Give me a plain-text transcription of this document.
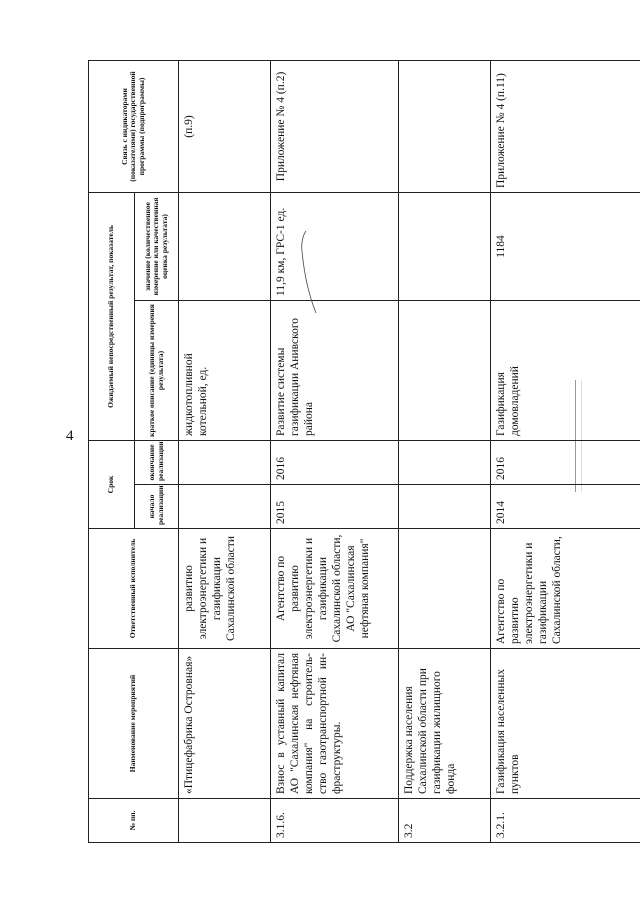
4
№ пп.	Наименование мероприятий	Ответственный исполнитель	Срок		Ожидаемый непосредственный результат, показатель		Связь с индикаторами (показателями) государственной программы (подпрограммы)
			начало реализации	окончание реализации	краткое описание (единицы измерения результата)	значение (количественное измерение или качественная оценка результата)	
	«Птицефабрика Островная»	развитию электроэнергетики и газификации Сахалинской области			жидкотопливной котельной, ед.		(п.9)
3.1.6.	Взнос в уставный капитал АО "Сахалинская нефтяная компания" на строитель-ство газотранспортной ин-фраструктуры.	Агентство по развитию электроэнергетики и газификации Сахалинской области, АО "Сахалинская нефтяная компания"	2015	2016	Развитие системы газификации Анивского района	11,9 км, ГРС-1 ед.	Приложение № 4 (п.2)
3.2	Поддержка населения Сахалинской области при газификации жилищного фонда						
3.2.1.	Газификация населенных пунктов	Агентство по развитию электроэнергетики и газификации Сахалинской области,	2014	2016	Газификация домовладений	1184	Приложение № 4 (п.11)
